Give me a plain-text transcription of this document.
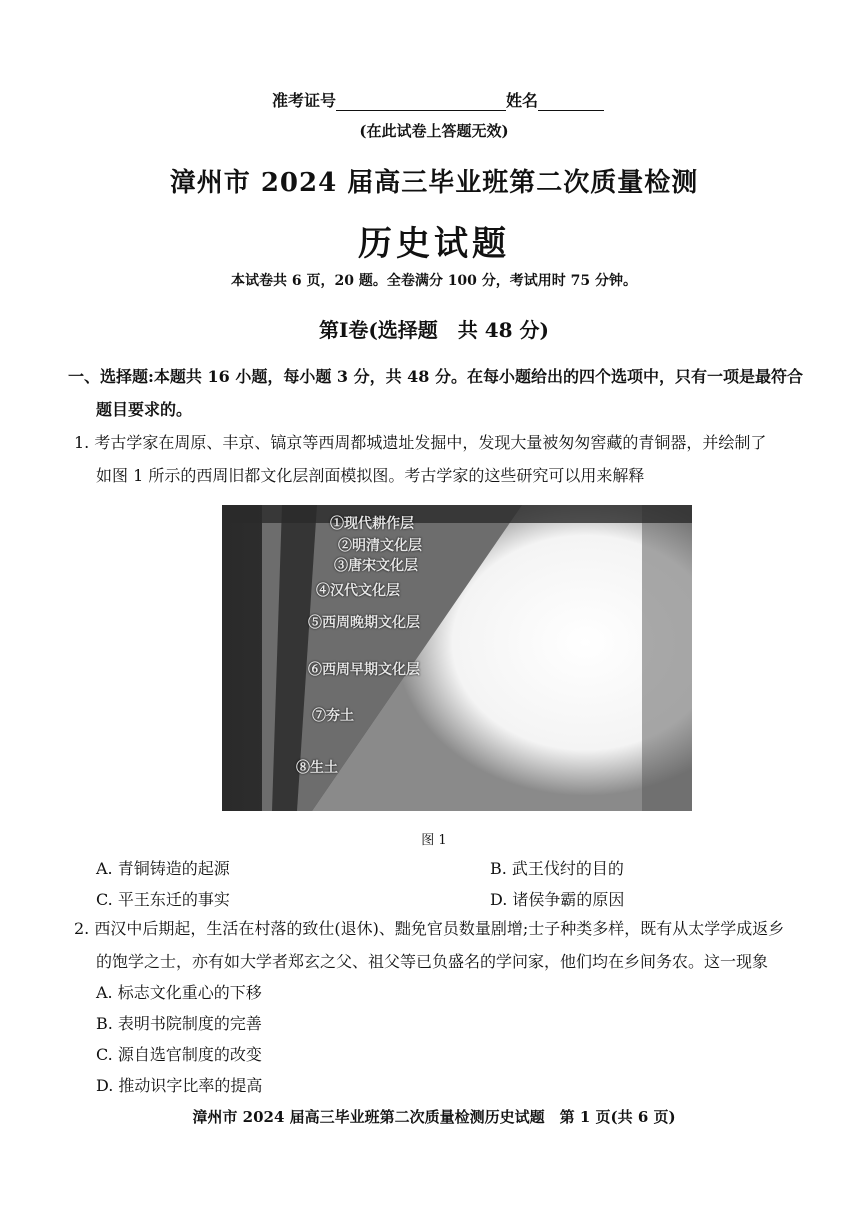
准考证号	姓名
(在此试卷上答题无效)
漳州市 2024 届高三毕业班第二次质量检测
历史试题
本试卷共 6 页，20 题。全卷满分 100 分，考试用时 75 分钟。
第Ⅰ卷(选择题　共 48 分)
一、选择题:本题共 16 小题，每小题 3 分，共 48 分。在每小题给出的四个选项中，只有一项是最符合
题目要求的。
1. 考古学家在周原、丰京、镐京等西周都城遗址发掘中，发现大量被匆匆窖藏的青铜器，并绘制了
如图 1 所示的西周旧都文化层剖面模拟图。考古学家的这些研究可以用来解释
①现代耕作层
②明清文化层
③唐宋文化层
④汉代文化层
⑤西周晚期文化层
⑥西周早期文化层
⑦夯土
⑧生土
图 1
A. 青铜铸造的起源	B. 武王伐纣的目的
C. 平王东迁的事实	D. 诸侯争霸的原因
2. 西汉中后期起，生活在村落的致仕(退休)、黜免官员数量剧增;士子种类多样，既有从太学学成返乡
的饱学之士，亦有如大学者郑玄之父、祖父等已负盛名的学问家，他们均在乡间务农。这一现象
A. 标志文化重心的下移
B. 表明书院制度的完善
C. 源自选官制度的改变
D. 推动识字比率的提高
漳州市 2024 届高三毕业班第二次质量检测历史试题　第 1 页(共 6 页)
